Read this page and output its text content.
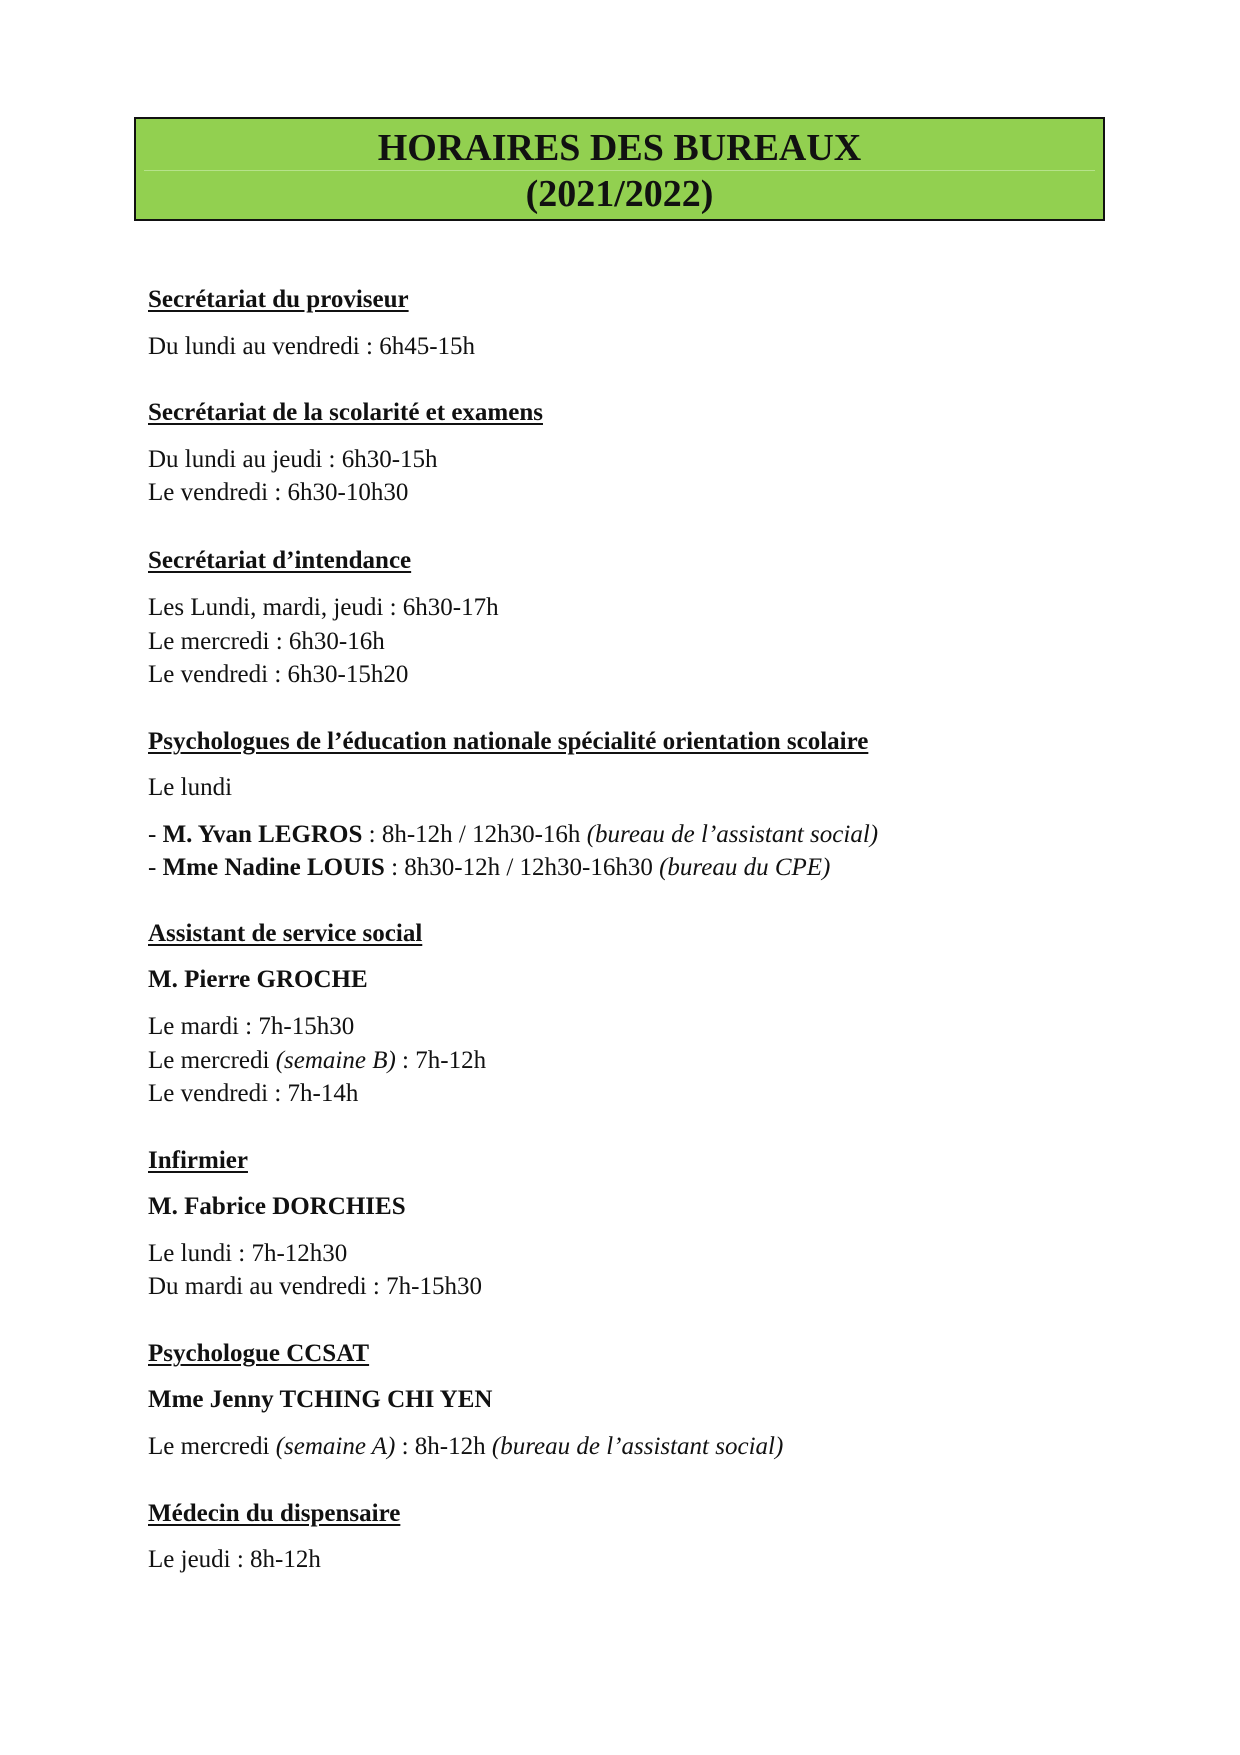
HORAIRES DES BUREAUX
(2021/2022)
Secrétariat du proviseur
Du lundi au vendredi : 6h45-15h
Secrétariat de la scolarité et examens
Du lundi au jeudi : 6h30-15h
Le vendredi : 6h30-10h30
Secrétariat d’intendance
Les Lundi, mardi, jeudi : 6h30-17h
Le mercredi : 6h30-16h
Le vendredi : 6h30-15h20
Psychologues de l’éducation nationale spécialité orientation scolaire
Le lundi
- M. Yvan LEGROS : 8h-12h / 12h30-16h (bureau de l’assistant social)
- Mme Nadine LOUIS : 8h30-12h / 12h30-16h30 (bureau du CPE)
Assistant de service social
M. Pierre GROCHE
Le mardi : 7h-15h30
Le mercredi (semaine B) : 7h-12h
Le vendredi : 7h-14h
Infirmier
M. Fabrice DORCHIES
Le lundi : 7h-12h30
Du mardi au vendredi : 7h-15h30
Psychologue CCSAT
Mme Jenny TCHING CHI YEN
Le mercredi (semaine A) : 8h-12h (bureau de l’assistant social)
Médecin du dispensaire
Le jeudi : 8h-12h
